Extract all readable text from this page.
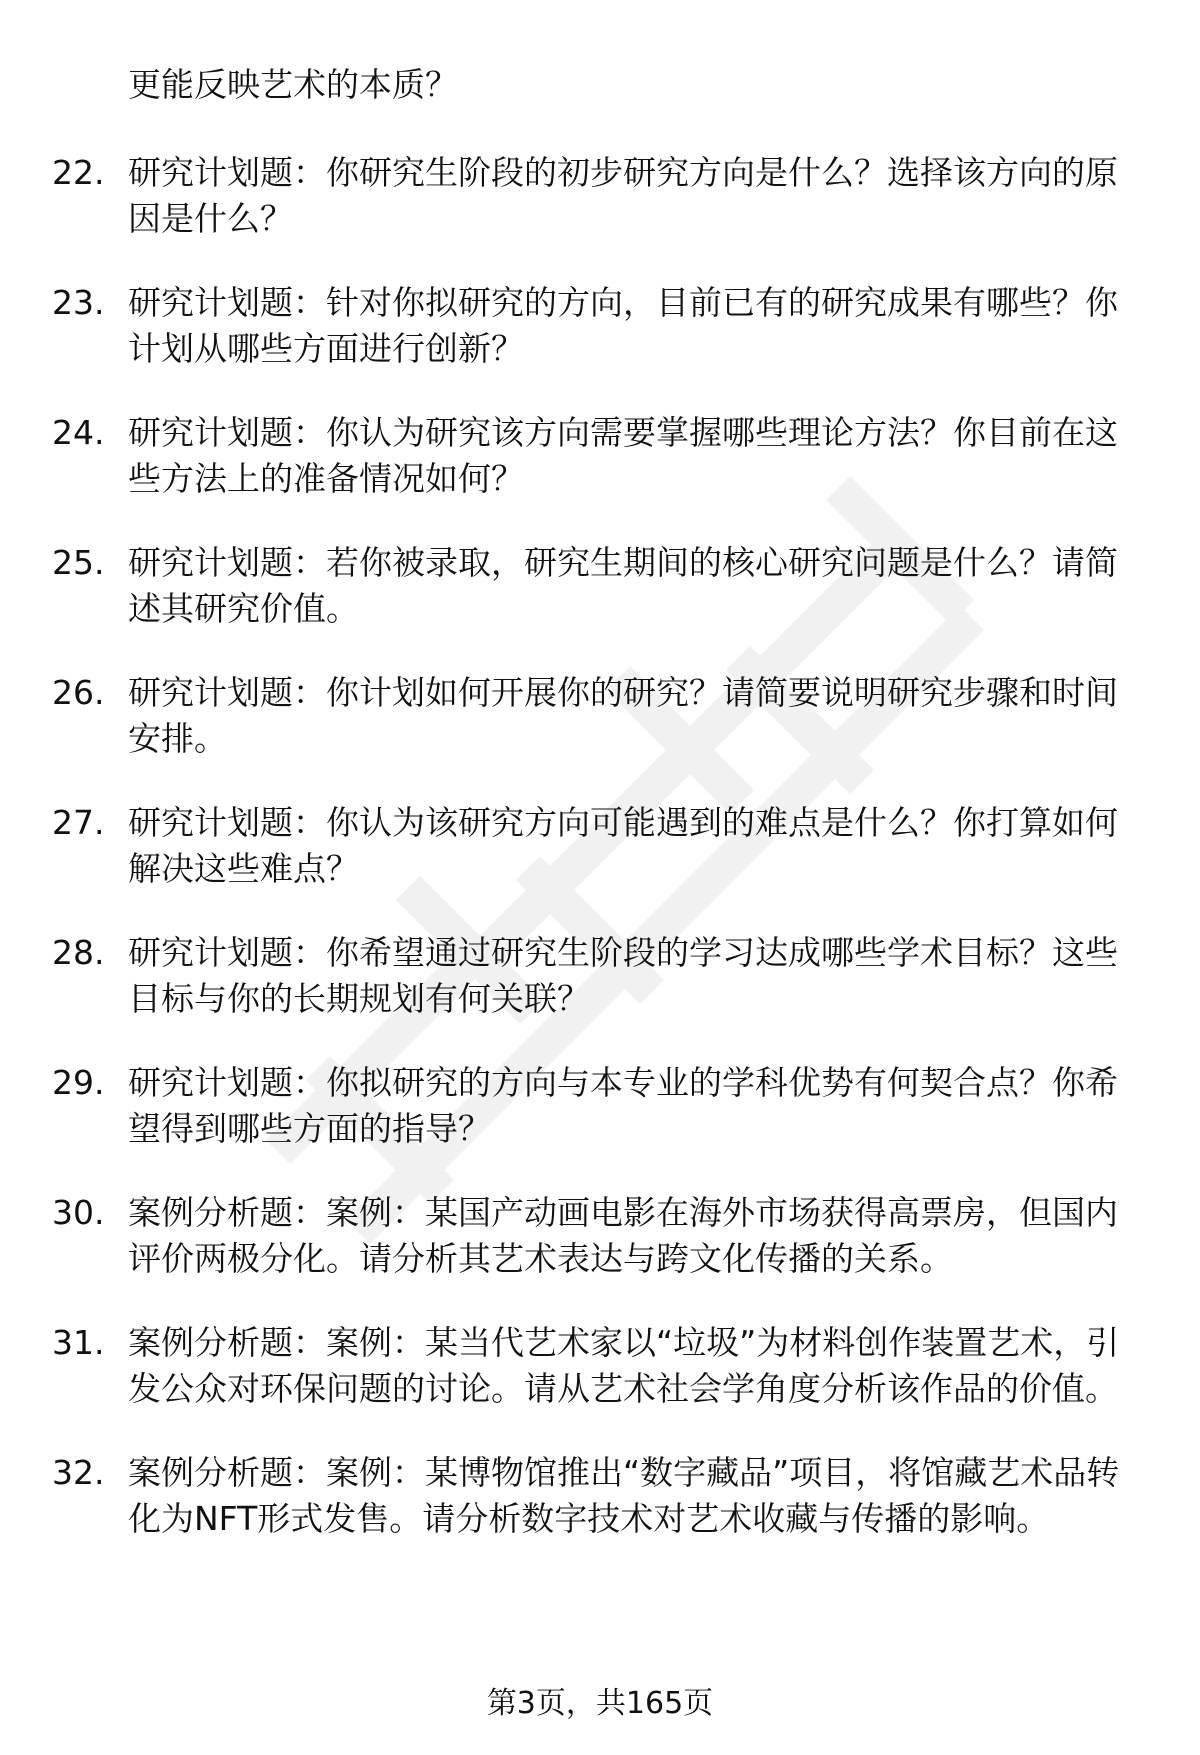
更能反映艺术的本质？
22. 研究计划题：你研究生阶段的初步研究方向是什么？选择该方向的原因是什么？
23. 研究计划题：针对你拟研究的方向，目前已有的研究成果有哪些？你计划从哪些方面进行创新？
24. 研究计划题：你认为研究该方向需要掌握哪些理论方法？你目前在这些方法上的准备情况如何？
25. 研究计划题：若你被录取，研究生期间的核心研究问题是什么？请简述其研究价值。
26. 研究计划题：你计划如何开展你的研究？请简要说明研究步骤和时间安排。
27. 研究计划题：你认为该研究方向可能遇到的难点是什么？你打算如何解决这些难点？
28. 研究计划题：你希望通过研究生阶段的学习达成哪些学术目标？这些目标与你的长期规划有何关联？
29. 研究计划题：你拟研究的方向与本专业的学科优势有何契合点？你希望得到哪些方面的指导？
30. 案例分析题：案例：某国产动画电影在海外市场获得高票房，但国内评价两极分化。请分析其艺术表达与跨文化传播的关系。
31. 案例分析题：案例：某当代艺术家以“垃圾”为材料创作装置艺术，引发公众对环保问题的讨论。请从艺术社会学角度分析该作品的价值。
32. 案例分析题：案例：某博物馆推出“数字藏品”项目，将馆藏艺术品转化为NFT形式发售。请分析数字技术对艺术收藏与传播的影响。
第3页，共165页
